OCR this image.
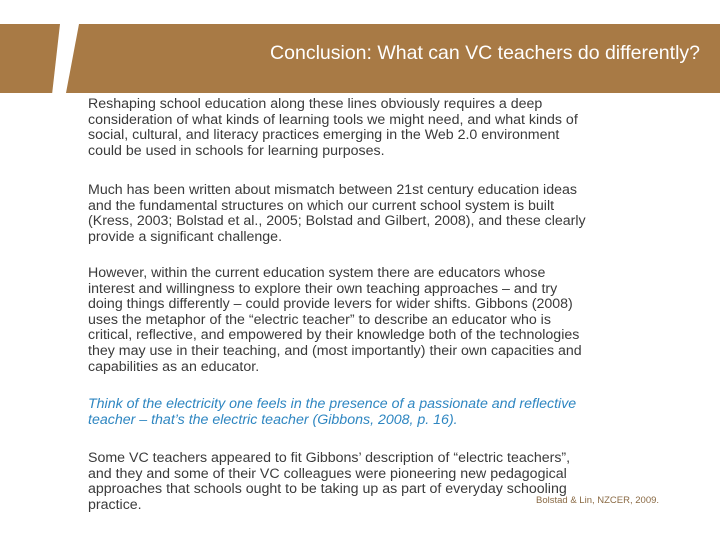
Conclusion: What can VC teachers do differently?

Reshaping school education along these lines obviously requires a deep
consideration of what kinds of learning tools we might need, and what kinds of
social, cultural, and literacy practices emerging in the Web 2.0 environment
could be used in schools for learning purposes.

Much has been written about mismatch between 21st century education ideas
and the fundamental structures on which our current school system is built
(Kress, 2003; Bolstad et al., 2005; Bolstad and Gilbert, 2008), and these clearly
provide a significant challenge.

However, within the current education system there are educators whose
interest and willingness to explore their own teaching approaches – and try
doing things differently – could provide levers for wider shifts. Gibbons (2008)
uses the metaphor of the “electric teacher” to describe an educator who is
critical, reflective, and empowered by their knowledge both of the technologies
they may use in their teaching, and (most importantly) their own capacities and
capabilities as an educator.

Think of the electricity one feels in the presence of a passionate and reflective
teacher – that’s the electric teacher (Gibbons, 2008, p. 16).

Some VC teachers appeared to fit Gibbons’ description of “electric teachers”,
and they and some of their VC colleagues were pioneering new pedagogical
approaches that schools ought to be taking up as part of everyday schooling
practice.	Bolstad & Lin, NZCER, 2009.
